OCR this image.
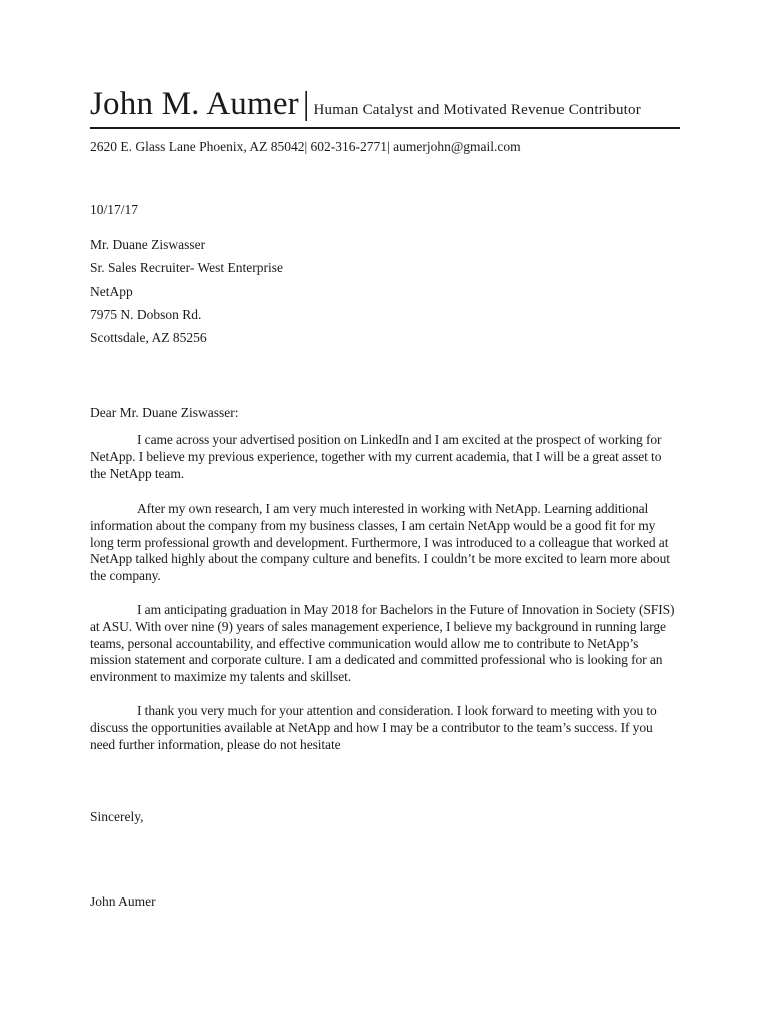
John M. Aumer | Human Catalyst and Motivated Revenue Contributor
2620 E. Glass Lane Phoenix, AZ 85042| 602-316-2771| aumerjohn@gmail.com
10/17/17
Mr. Duane Ziswasser
Sr. Sales Recruiter- West Enterprise
NetApp
7975 N. Dobson Rd.
Scottsdale, AZ 85256
Dear Mr. Duane Ziswasser:
I came across your advertised position on LinkedIn and I am excited at the prospect of working for NetApp. I believe my previous experience, together with my current academia, that I will be a great asset to the NetApp team.
After my own research, I am very much interested in working with NetApp. Learning additional information about the company from my business classes, I am certain NetApp would be a good fit for my long term professional growth and development. Furthermore, I was introduced to a colleague that worked at NetApp talked highly about the company culture and benefits. I couldn’t be more excited to learn more about the company.
I am anticipating graduation in May 2018 for Bachelors in the Future of Innovation in Society (SFIS) at ASU. With over nine (9) years of sales management experience, I believe my background in running large teams, personal accountability, and effective communication would allow me to contribute to NetApp’s mission statement and corporate culture. I am a dedicated and committed professional who is looking for an environment to maximize my talents and skillset.
I thank you very much for your attention and consideration. I look forward to meeting with you to discuss the opportunities available at NetApp and how I may be a contributor to the team’s success. If you need further information, please do not hesitate
Sincerely,
John Aumer
